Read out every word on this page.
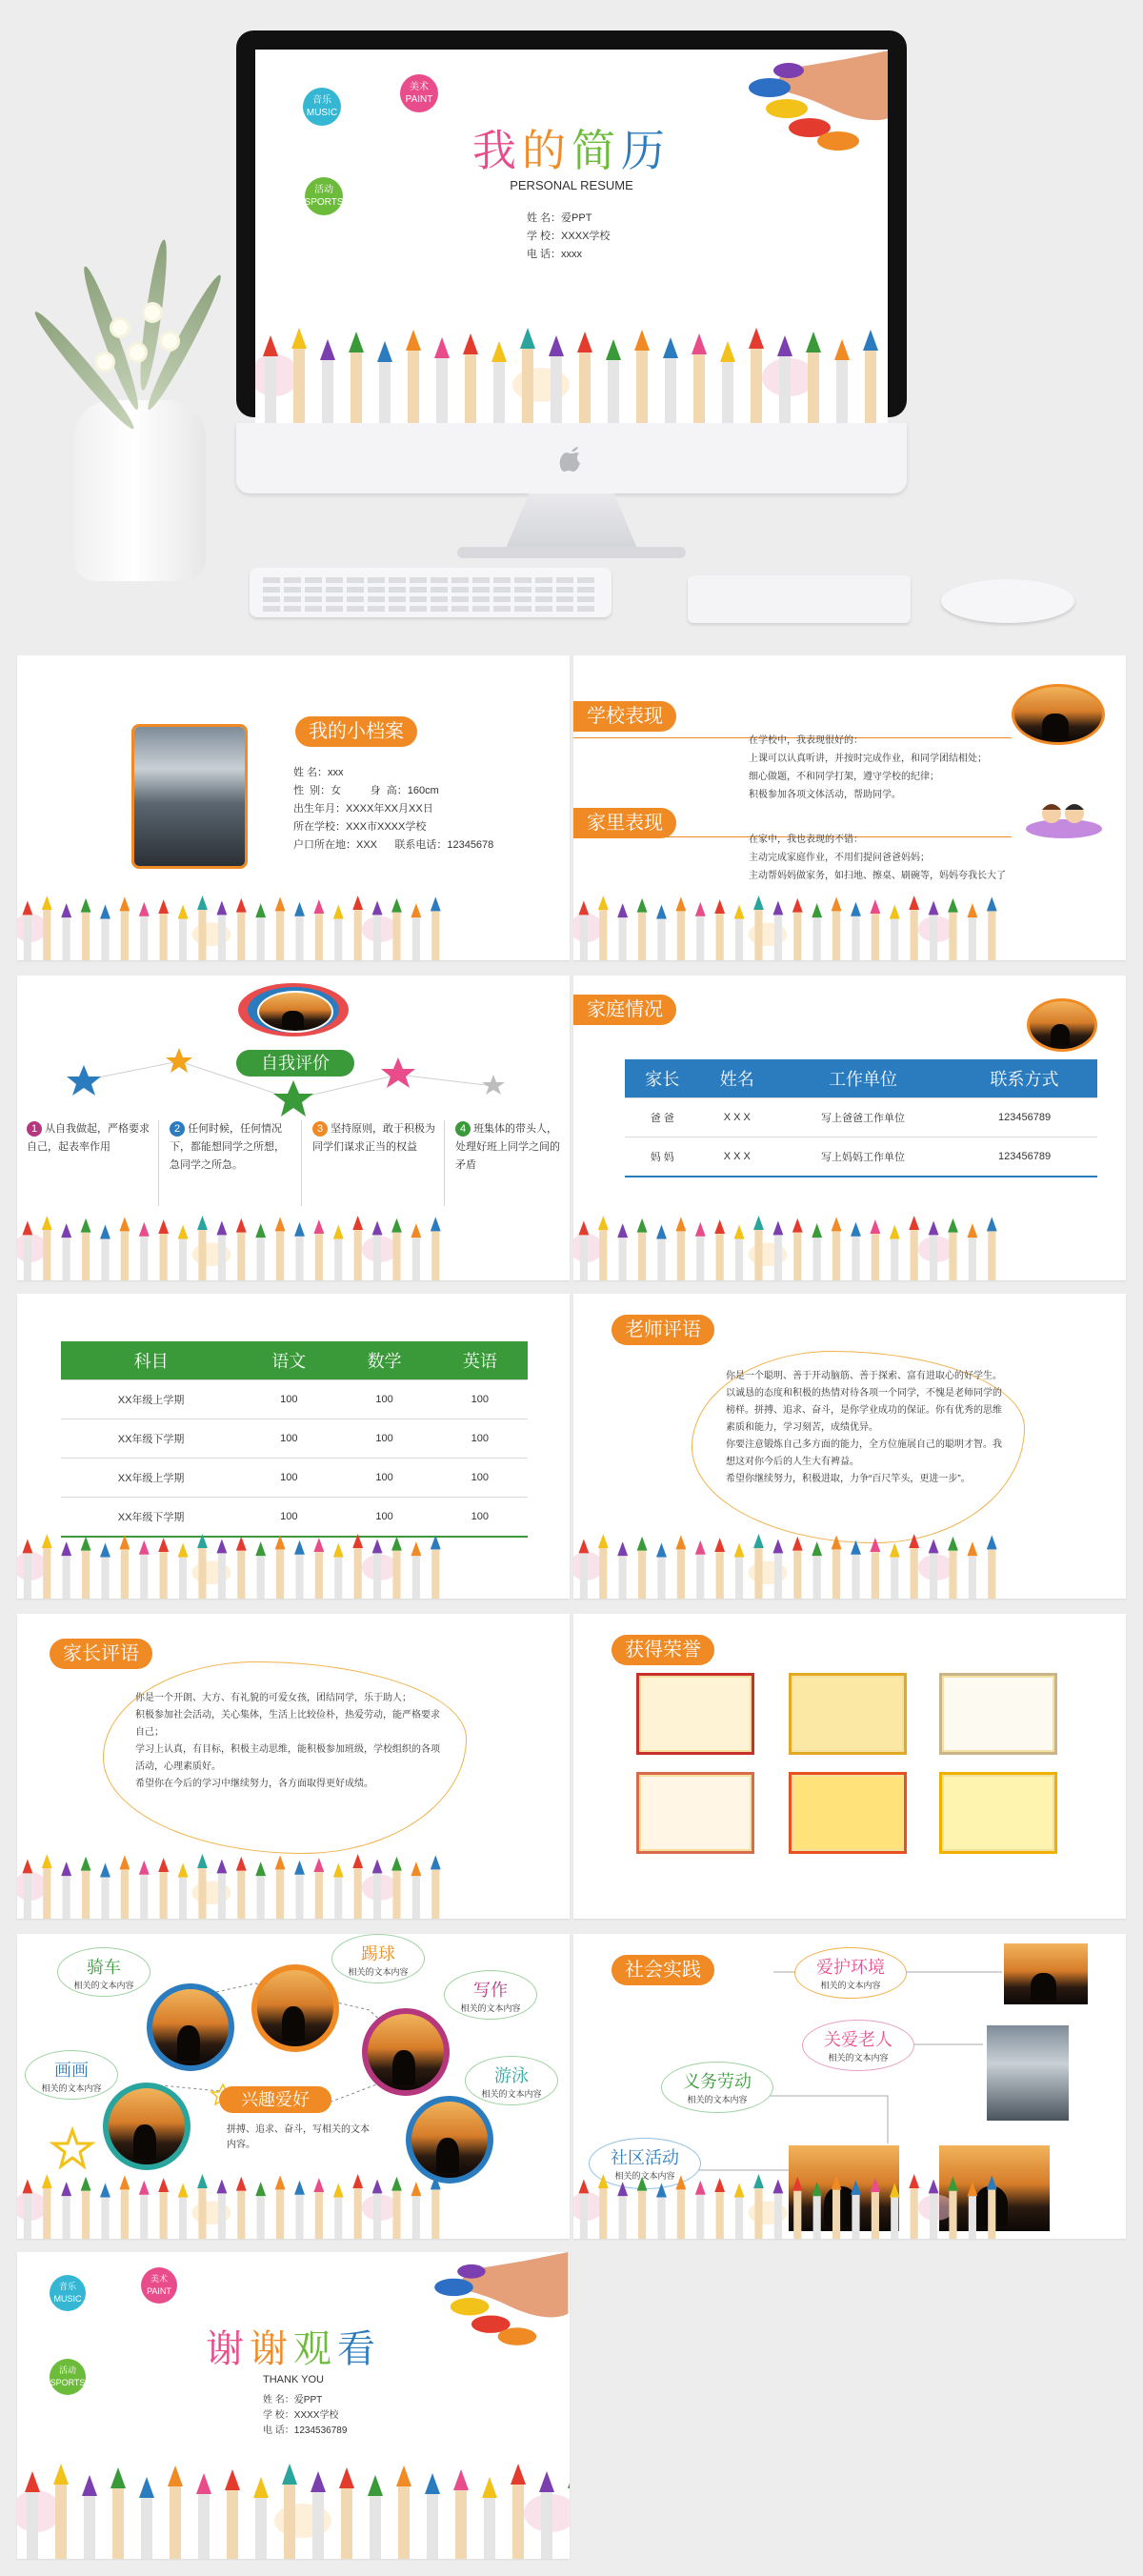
音乐
MUSIC
美术
PAINT
活动
SPORTS
我的简历
PERSONAL RESUME
姓 名：爱PPT
学 校：XXXX学校
电 话：xxxx
我的小档案
姓 名：xxx
性  别：女          身  高：160cm
出生年月：XXXX年XX月XX日
所在学校：XXX市XXXX学校
户口所在地：XXX      联系电话：12345678
学校表现
在学校中，我表现很好的：
上课可以认真听讲，并按时完成作业，和同学团结相处；
细心做题，不和同学打架，遵守学校的纪律；
积极参加各项文体活动，帮助同学。
家里表现
在家中，我也表现的不错：
主动完成家庭作业，不用们提问爸爸妈妈；
主动帮妈妈做家务，如扫地、擦桌、刷碗等，妈妈夸我长大了
自我评价
1 从自我做起，严格要求自己，起表率作用
2 任何时候，任何情况下，都能想同学之所想，急同学之所急。
3 坚持原则，敢于积极为同学们谋求正当的权益
4 班集体的带头人，处理好班上同学之间的矛盾
家庭情况
家长	姓名	工作单位	联系方式
爸 爸	X X X	写上爸爸工作单位	123456789
妈 妈	X X X	写上妈妈工作单位	123456789
科目	语文	数学	英语
XX年级上学期	100	100	100
XX年级下学期	100	100	100
XX年级上学期	100	100	100
XX年级下学期	100	100	100
老师评语
你是一个聪明、善于开动脑筋、善于探索、富有进取心的好学生。
以诚恳的态度和积极的热情对待各项一个同学，不愧是老师同学的榜样。拼搏、追求、奋斗，是你学业成功的保证。你有优秀的思维素质和能力，学习刻苦，成绩优异。
你要注意锻炼自己多方面的能力，全方位施展自己的聪明才智。我想这对你今后的人生大有裨益。
希望你继续努力，积极进取，力争“百尺竿头，更进一步”。
家长评语
你是一个开朗、大方、有礼貌的可爱女孩，团结同学，乐于助人；
积极参加社会活动，关心集体，生活上比较俭朴，热爱劳动，能严格要求自己；
学习上认真，有目标，积极主动思维，能积极参加班级，学校组织的各项活动，心理素质好。
希望你在今后的学习中继续努力，各方面取得更好成绩。
获得荣誉
兴趣爱好
拼搏、追求、奋斗，写相关的文本内容。
骑车
相关的文本内容
踢球
相关的文本内容
写作
相关的文本内容
画画
相关的文本内容
游泳
相关的文本内容
社会实践	爱护环境
相关的文本内容
关爱老人
相关的文本内容
义务劳动
相关的文本内容
社区活动
相关的文本内容
音乐
MUSIC
美术
PAINT
活动
SPORTS
谢谢观看
THANK YOU
姓 名：爱PPT
学 校：XXXX学校
电 话：1234536789
